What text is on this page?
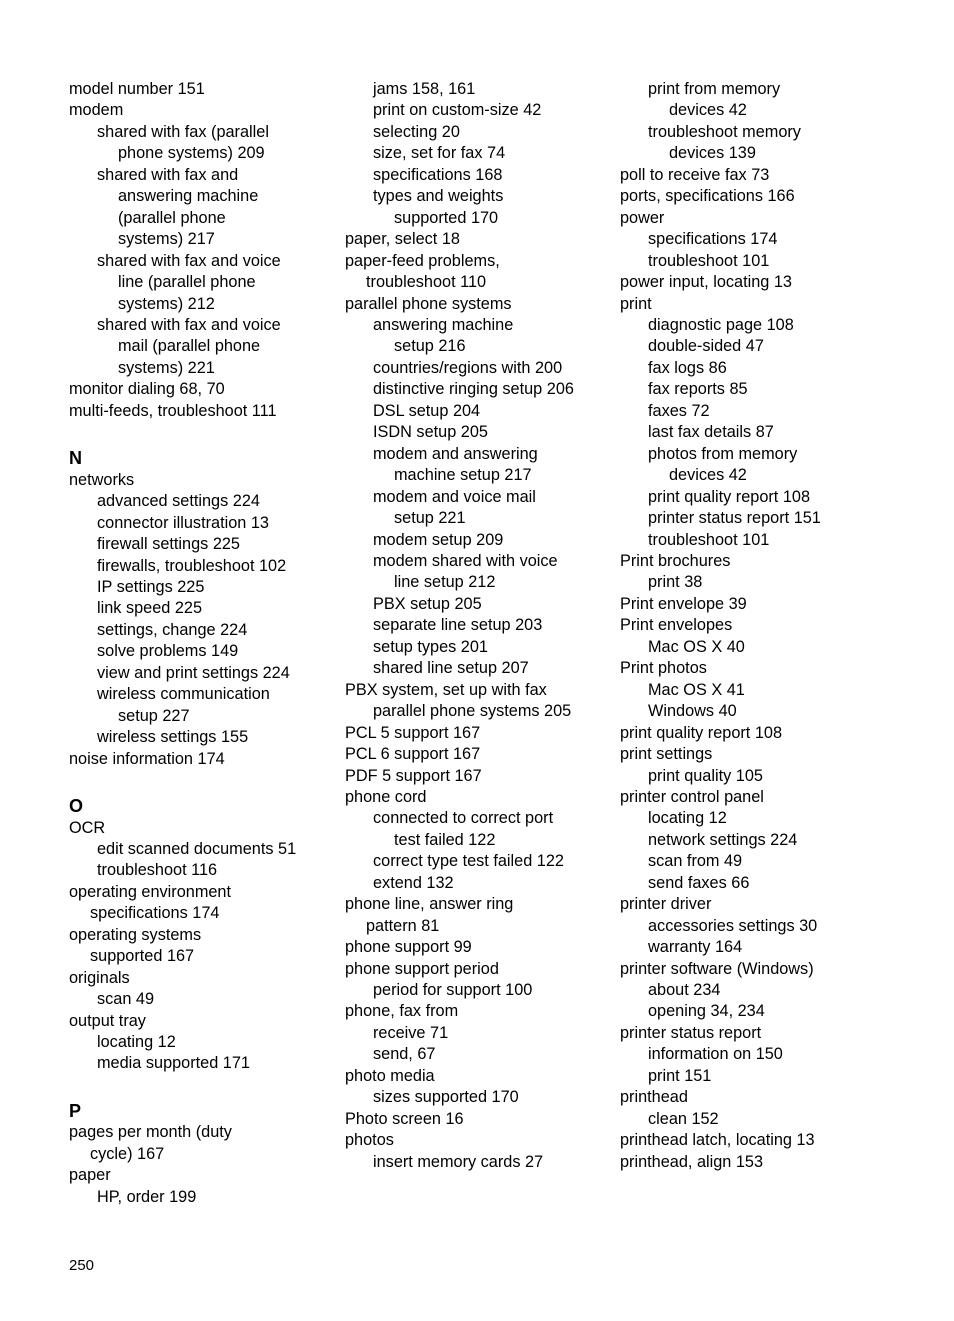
model number 151
modem
shared with fax (parallel
phone systems) 209
shared with fax and
answering machine
(parallel phone
systems) 217
shared with fax and voice
line (parallel phone
systems) 212
shared with fax and voice
mail (parallel phone
systems) 221
monitor dialing 68, 70
multi-feeds, troubleshoot 111
N
networks
advanced settings 224
connector illustration 13
firewall settings 225
firewalls, troubleshoot 102
IP settings 225
link speed 225
settings, change 224
solve problems 149
view and print settings 224
wireless communication
setup 227
wireless settings 155
noise information 174
O
OCR
edit scanned documents 51
troubleshoot 116
operating environment
specifications 174
operating systems
supported 167
originals
scan 49
output tray
locating 12
media supported 171
P
pages per month (duty
cycle) 167
paper
HP, order 199
jams 158, 161
print on custom-size 42
selecting 20
size, set for fax 74
specifications 168
types and weights
supported 170
paper, select 18
paper-feed problems,
troubleshoot 110
parallel phone systems
answering machine
setup 216
countries/regions with 200
distinctive ringing setup 206
DSL setup 204
ISDN setup 205
modem and answering
machine setup 217
modem and voice mail
setup 221
modem setup 209
modem shared with voice
line setup 212
PBX setup 205
separate line setup 203
setup types 201
shared line setup 207
PBX system, set up with fax
parallel phone systems 205
PCL 5 support 167
PCL 6 support 167
PDF 5 support 167
phone cord
connected to correct port
test failed 122
correct type test failed 122
extend 132
phone line, answer ring
pattern 81
phone support 99
phone support period
period for support 100
phone, fax from
receive 71
send, 67
photo media
sizes supported 170
Photo screen 16
photos
insert memory cards 27
print from memory
devices 42
troubleshoot memory
devices 139
poll to receive fax 73
ports, specifications 166
power
specifications 174
troubleshoot 101
power input, locating 13
print
diagnostic page 108
double-sided 47
fax logs 86
fax reports 85
faxes 72
last fax details 87
photos from memory
devices 42
print quality report 108
printer status report 151
troubleshoot 101
Print brochures
print 38
Print envelope 39
Print envelopes
Mac OS X 40
Print photos
Mac OS X 41
Windows 40
print quality report 108
print settings
print quality 105
printer control panel
locating 12
network settings 224
scan from 49
send faxes 66
printer driver
accessories settings 30
warranty 164
printer software (Windows)
about 234
opening 34, 234
printer status report
information on 150
print 151
printhead
clean 152
printhead latch, locating 13
printhead, align 153
250
